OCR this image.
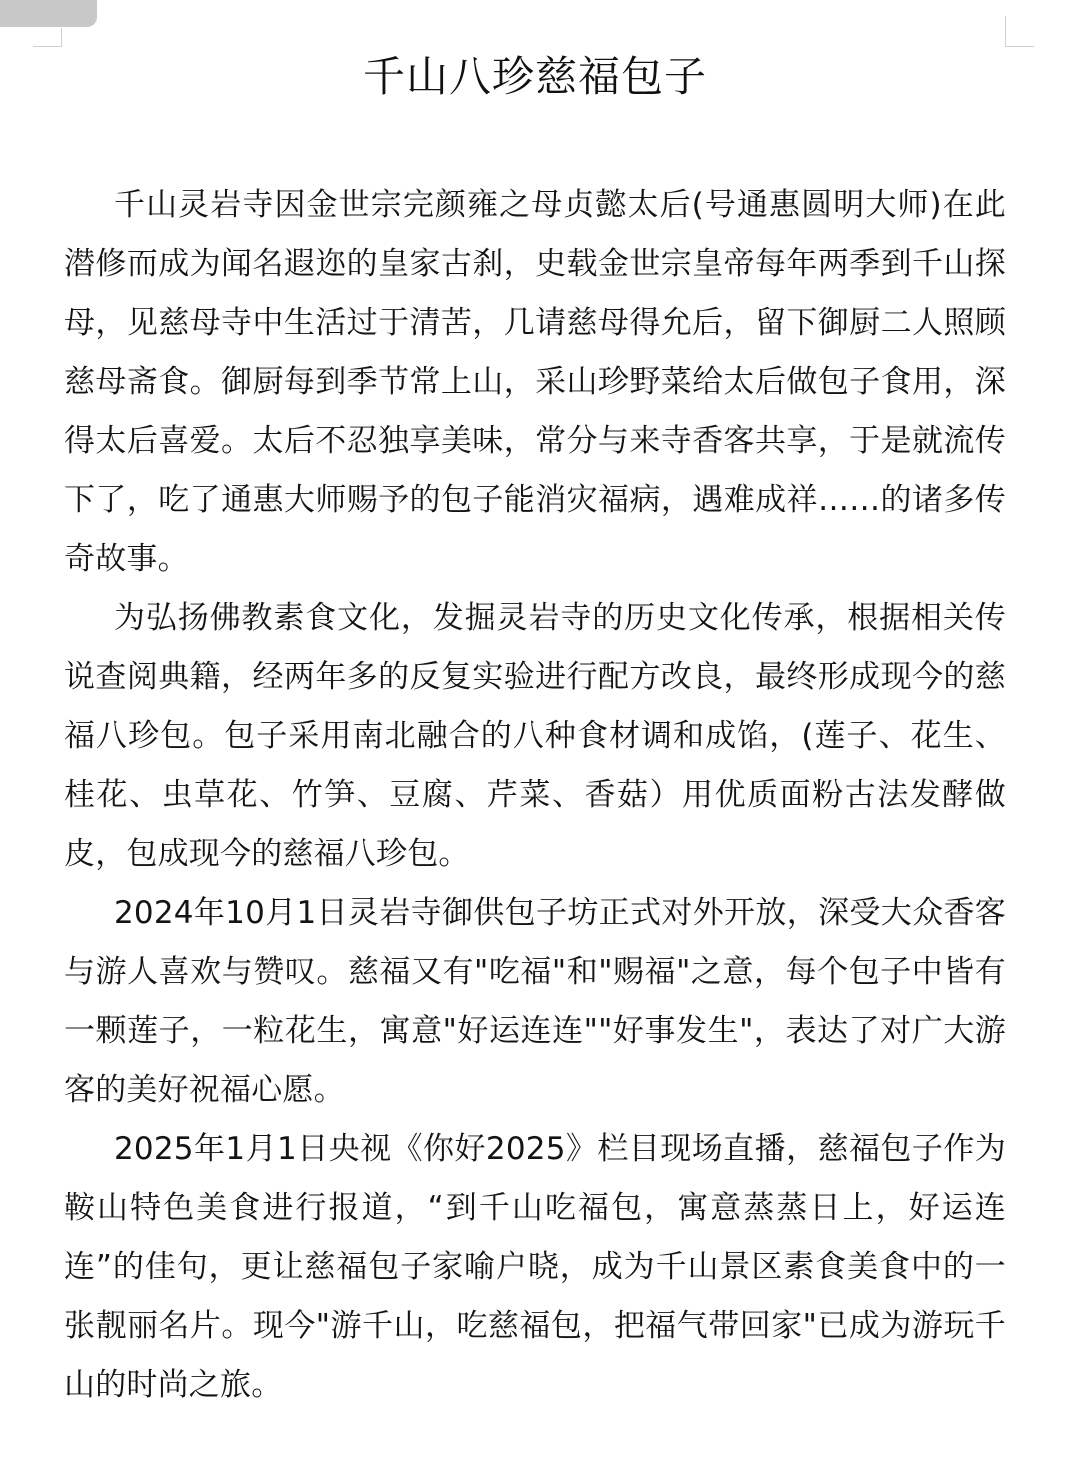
千山八珍慈福包子

千山灵岩寺因金世宗完颜雍之母贞懿太后(号通惠圆明大师)在此潜修而成为闻名遐迩的皇家古刹，史载金世宗皇帝每年两季到千山探母，见慈母寺中生活过于清苦，几请慈母得允后，留下御厨二人照顾慈母斋食。御厨每到季节常上山，采山珍野菜给太后做包子食用，深得太后喜爱。太后不忍独享美味，常分与来寺香客共享，于是就流传下了，吃了通惠大师赐予的包子能消灾福病，遇难成祥……的诸多传奇故事。

为弘扬佛教素食文化，发掘灵岩寺的历史文化传承，根据相关传说查阅典籍，经两年多的反复实验进行配方改良，最终形成现今的慈福八珍包。包子采用南北融合的八种食材调和成馅，(莲子、花生、桂花、虫草花、竹笋、豆腐、芹菜、香菇）用优质面粉古法发酵做皮，包成现今的慈福八珍包。

2024年10月1日灵岩寺御供包子坊正式对外开放，深受大众香客与游人喜欢与赞叹。慈福又有"吃福"和"赐福"之意，每个包子中皆有一颗莲子，一粒花生，寓意"好运连连""好事发生"，表达了对广大游客的美好祝福心愿。

2025年1月1日央视《你好2025》栏目现场直播，慈福包子作为鞍山特色美食进行报道，“到千山吃福包，寓意蒸蒸日上，好运连连”的佳句，更让慈福包子家喻户晓，成为千山景区素食美食中的一张靓丽名片。现今"游千山，吃慈福包，把福气带回家"已成为游玩千山的时尚之旅。
